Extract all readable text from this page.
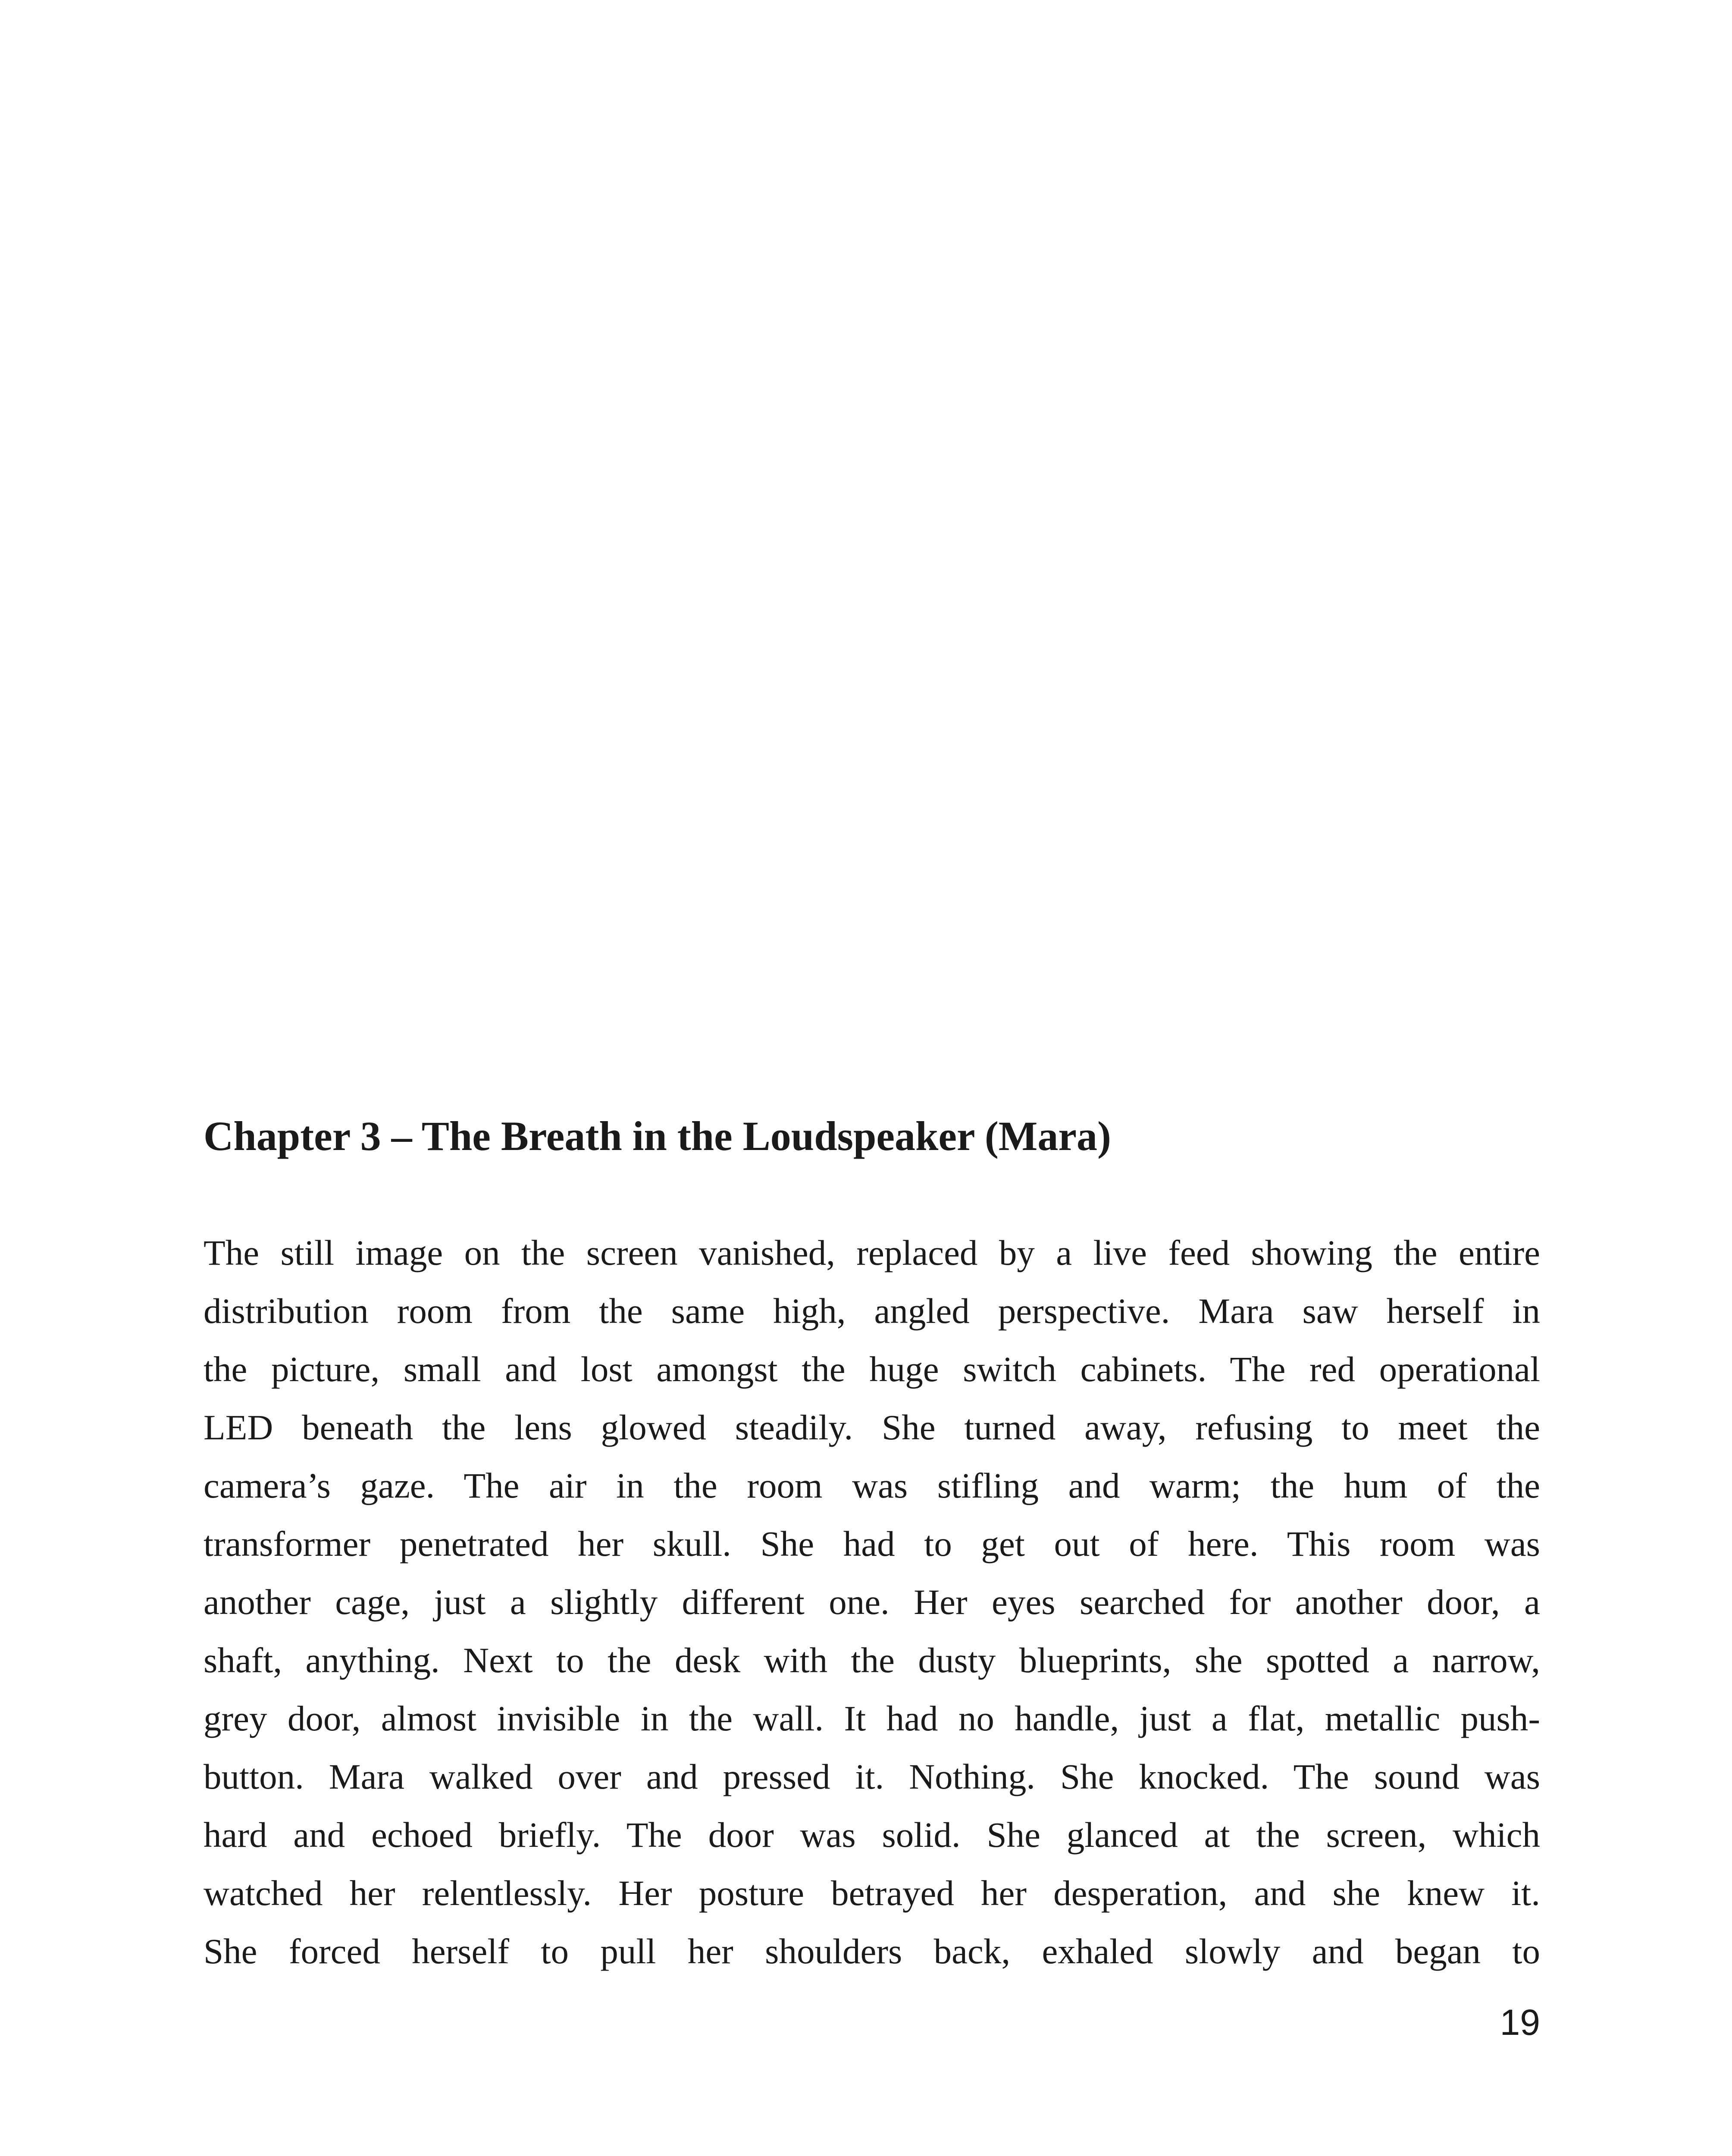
Chapter 3 – The Breath in the Loudspeaker (Mara)
The still image on the screen vanished, replaced by a live feed showing the entire
distribution room from the same high, angled perspective. Mara saw herself in
the picture, small and lost amongst the huge switch cabinets. The red operational
LED beneath the lens glowed steadily. She turned away, refusing to meet the
camera’s gaze. The air in the room was stifling and warm; the hum of the
transformer penetrated her skull. She had to get out of here. This room was
another cage, just a slightly different one. Her eyes searched for another door, a
shaft, anything. Next to the desk with the dusty blueprints, she spotted a narrow,
grey door, almost invisible in the wall. It had no handle, just a flat, metallic push-
button. Mara walked over and pressed it. Nothing. She knocked. The sound was
hard and echoed briefly. The door was solid. She glanced at the screen, which
watched her relentlessly. Her posture betrayed her desperation, and she knew it.
She forced herself to pull her shoulders back, exhaled slowly and began to

19
